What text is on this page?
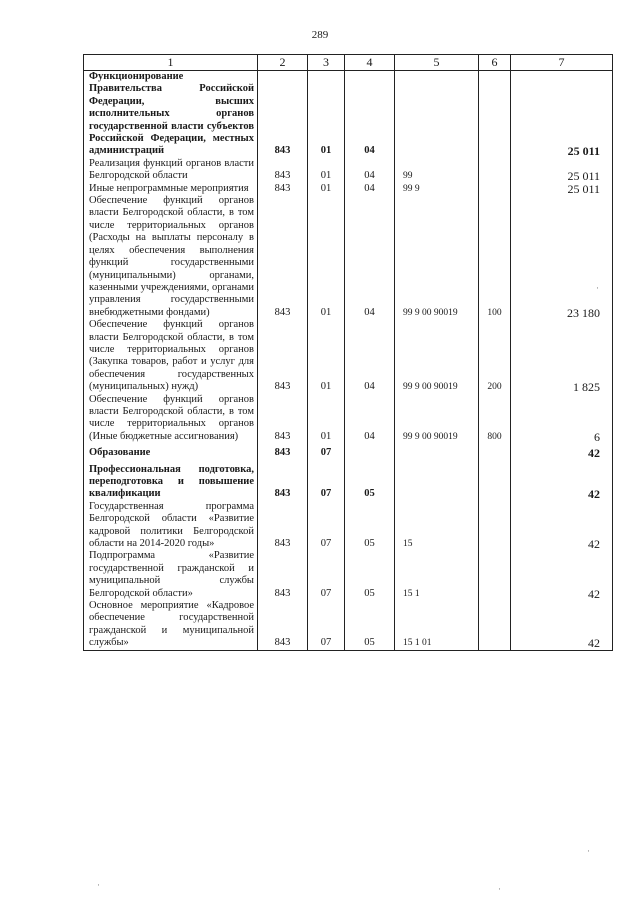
289
1	2	3	4	5	6	7
Функционирование Правительства Российской Федерации, высших исполнительных органов государственной власти субъектов Российской Федерации, местных администраций	843	01	04			25 011
Реализация функций органов власти Белгородской области	843	01	04	99		25 011
Иные непрограммные мероприятия	843	01	04	99 9		25 011
Обеспечение функций органов власти Белгородской области, в том числе территориальных органов (Расходы на выплаты персоналу в целях обеспечения выполнения функций государственными (муниципальными) органами, казенными учреждениями, органами управления государственными внебюджетными фондами)	843	01	04	99 9 00 90019	100	23 180
Обеспечение функций органов власти Белгородской области, в том числе территориальных органов (Закупка товаров, работ и услуг для обеспечения государственных (муниципальных) нужд)	843	01	04	99 9 00 90019	200	1 825
Обеспечение функций органов власти Белгородской области, в том числе территориальных органов (Иные бюджетные ассигнования)	843	01	04	99 9 00 90019	800	6

Образование	843	07				42

Профессиональная подготовка, переподготовка и повышение квалификации	843	07	05			42
Государственная программа Белгородской области «Развитие кадровой политики Белгородской области на 2014-2020 годы»	843	07	05	15		42
Подпрограмма «Развитие государственной гражданской и муниципальной службы Белгородской области»	843	07	05	15 1		42
Основное мероприятие «Кадровое обеспечение государственной гражданской и муниципальной службы»	843	07	05	15 1 01		42
·
·
·	·
